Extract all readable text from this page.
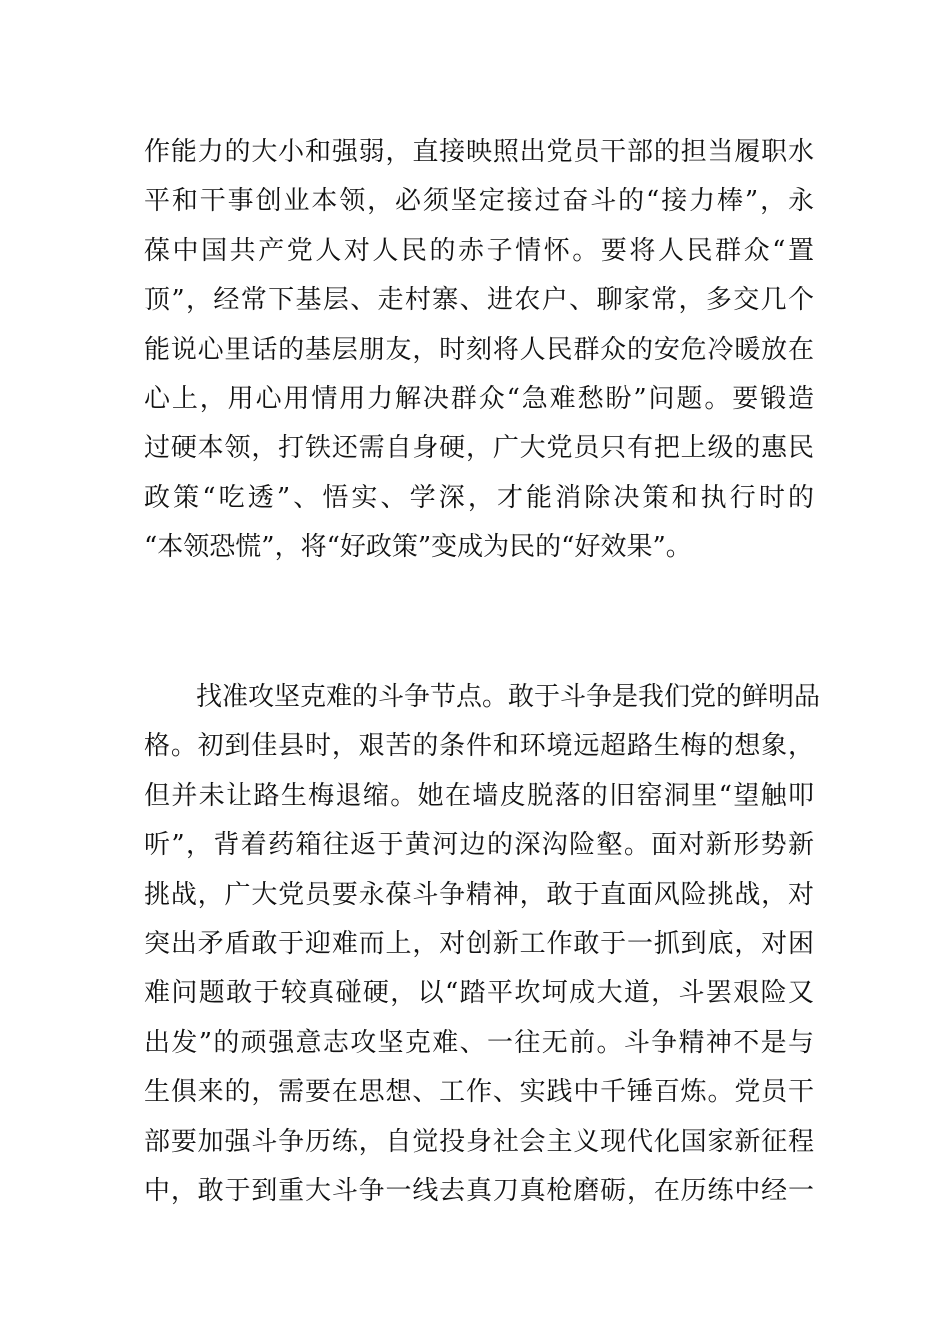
作能力的大小和强弱，直接映照出党员干部的担当履职水
平和干事创业本领，必须坚定接过奋斗的“接力棒”，永
葆中国共产党人对人民的赤子情怀。要将人民群众“置
顶”，经常下基层、走村寨、进农户、聊家常，多交几个
能说心里话的基层朋友，时刻将人民群众的安危冷暖放在
心上，用心用情用力解决群众“急难愁盼”问题。要锻造
过硬本领，打铁还需自身硬，广大党员只有把上级的惠民
政策“吃透”、悟实、学深，才能消除决策和执行时的
“本领恐慌”，将“好政策”变成为民的“好效果”。
　　找准攻坚克难的斗争节点。敢于斗争是我们党的鲜明品
格。初到佳县时，艰苦的条件和环境远超路生梅的想象，
但并未让路生梅退缩。她在墙皮脱落的旧窑洞里“望触叩
听”，背着药箱往返于黄河边的深沟险壑。面对新形势新
挑战，广大党员要永葆斗争精神，敢于直面风险挑战，对
突出矛盾敢于迎难而上，对创新工作敢于一抓到底，对困
难问题敢于较真碰硬，以“踏平坎坷成大道，斗罢艰险又
出发”的顽强意志攻坚克难、一往无前。斗争精神不是与
生俱来的，需要在思想、工作、实践中千锤百炼。党员干
部要加强斗争历练，自觉投身社会主义现代化国家新征程
中，敢于到重大斗争一线去真刀真枪磨砺，在历练中经一
